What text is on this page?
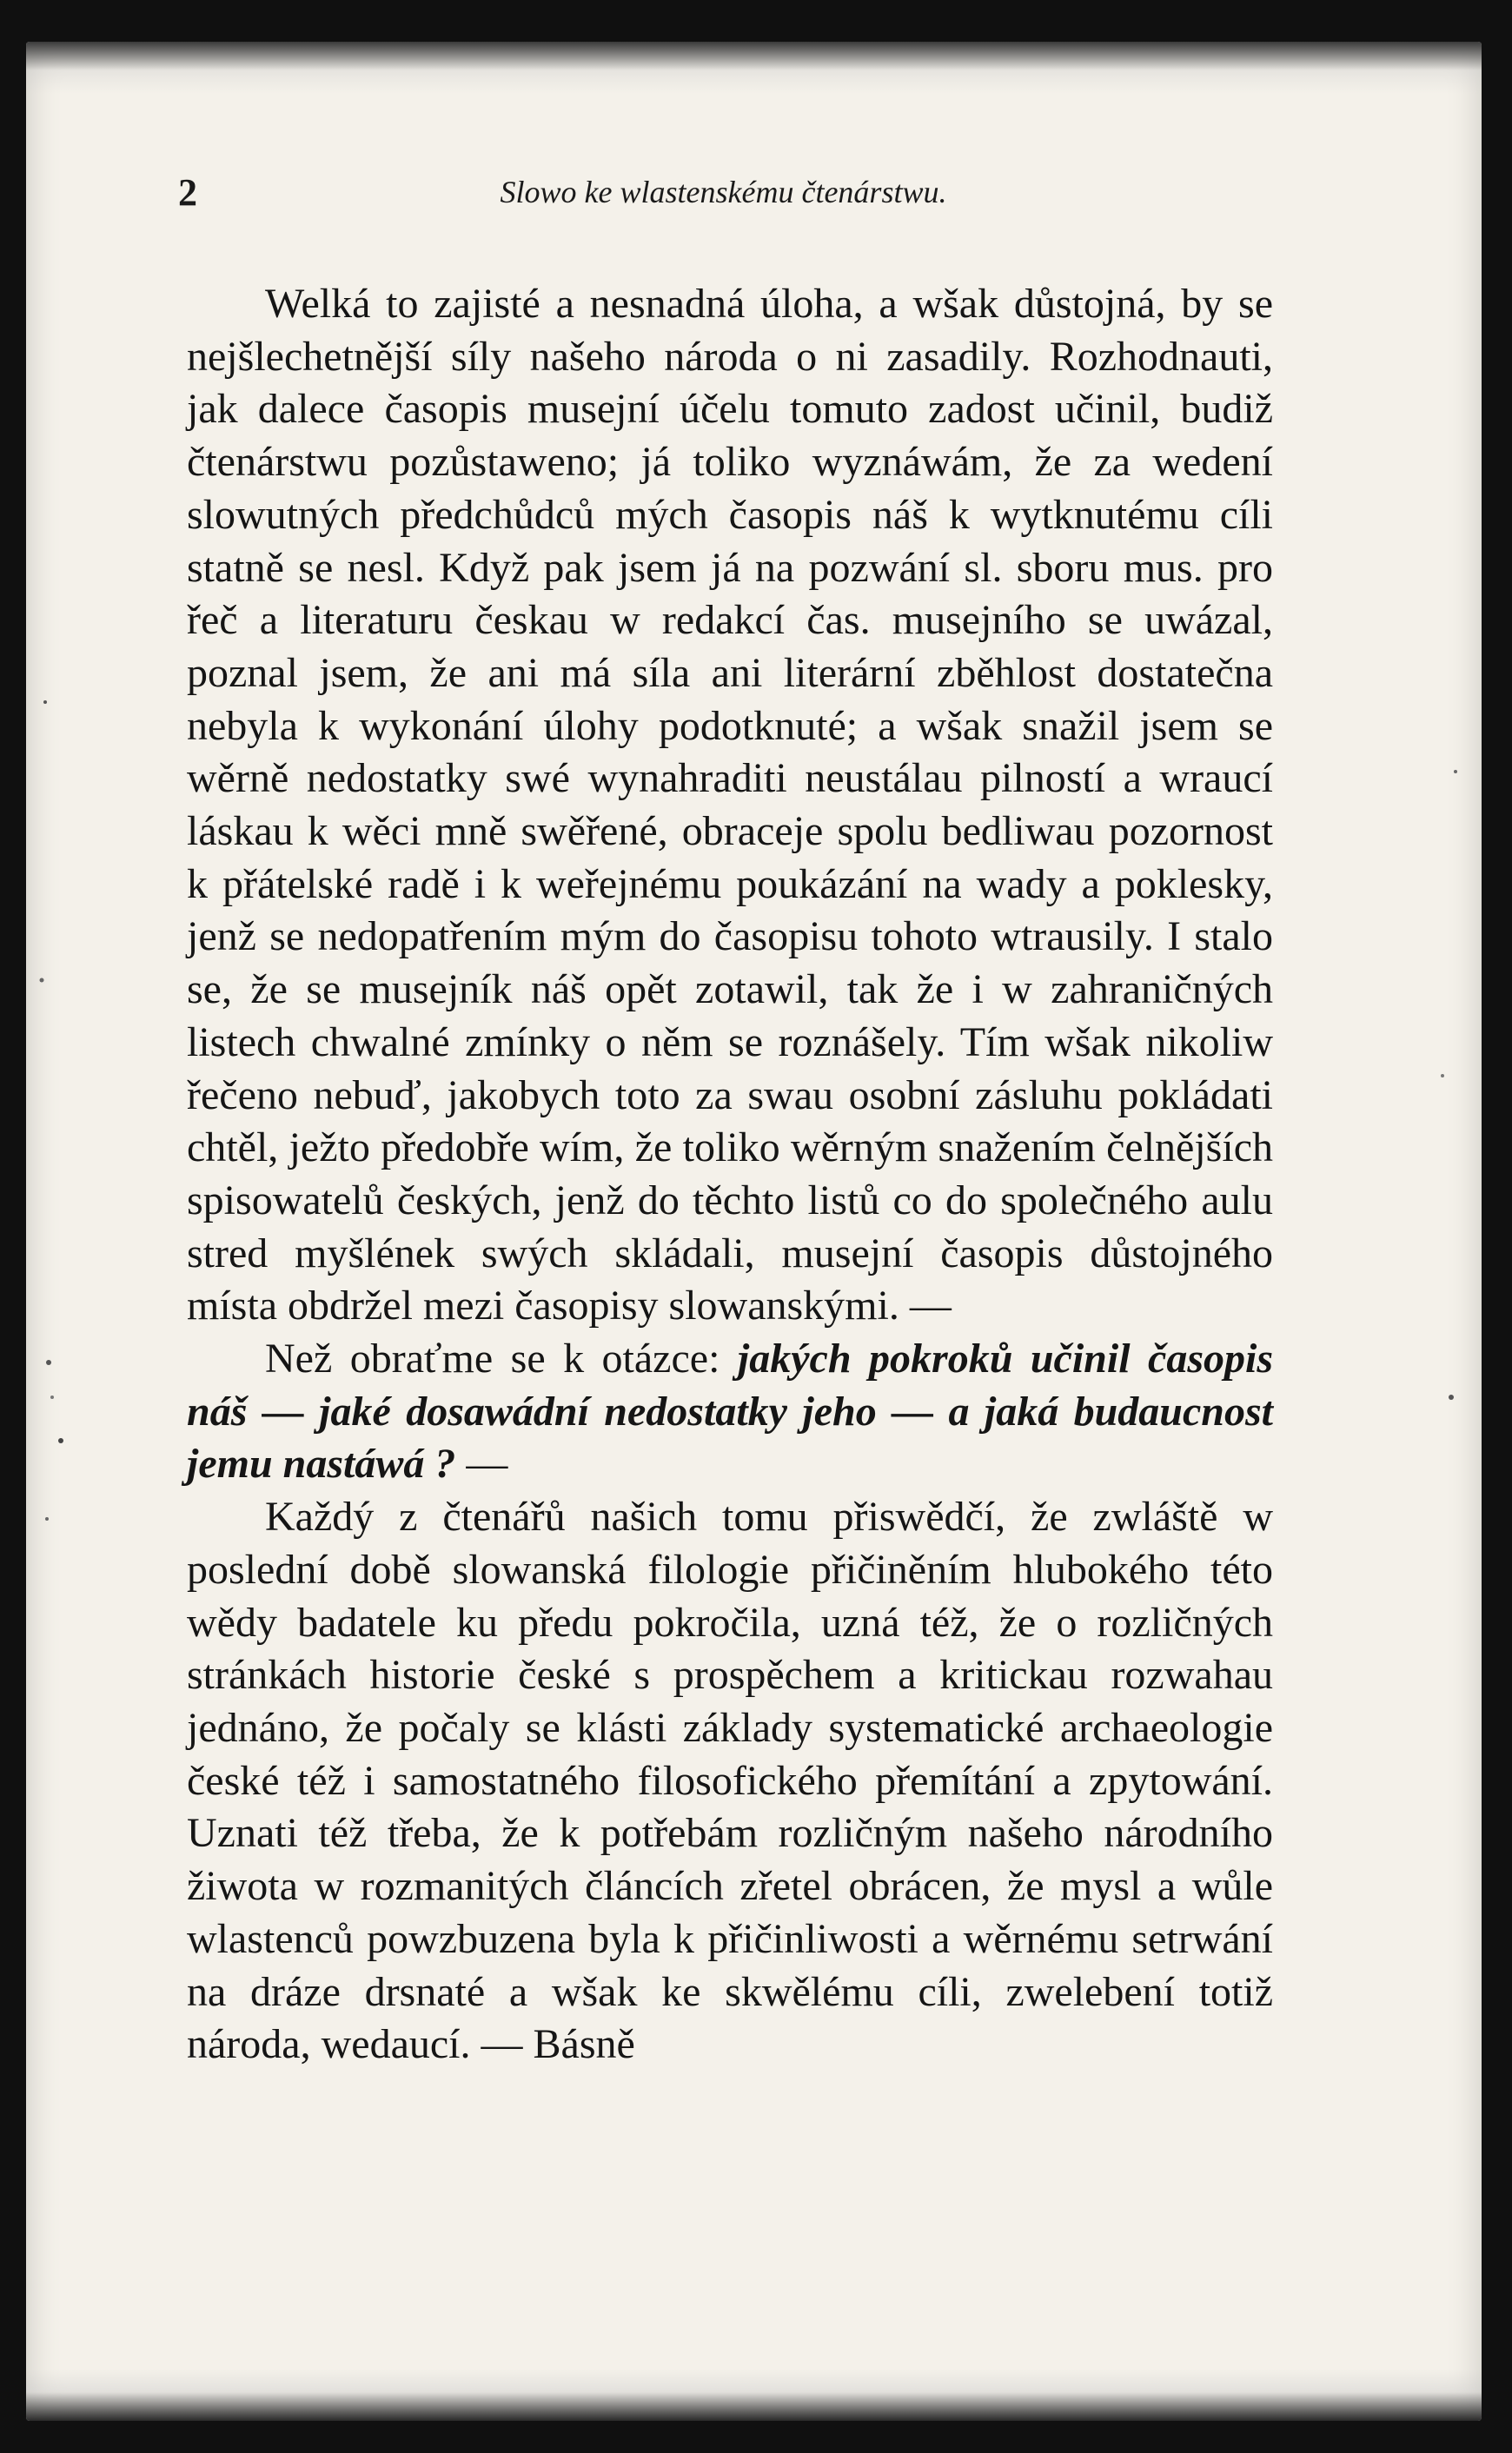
2	Slowo ke wlastenskému čtenárstwu.

Welká to zajisté a nesnadná úloha, a wšak důstojná, by se nejšlechetnější síly našeho národa o ni zasadily. Rozhodnauti, jak dalece časopis musejní účelu tomuto zadost učinil, budiž čtenárstwu pozůstaweno; já toliko wyznáwám, že za wedení slowutných předchůdců mých časopis náš k wytknutému cíli statně se nesl. Když pak jsem já na pozwání sl. sboru mus. pro řeč a literaturu českau w redakcí čas. musejního se uwázal, poznal jsem, že ani má síla ani literární zběhlost dostatečna nebyla k wykonání úlohy podotknuté; a wšak snažil jsem se wěrně nedostatky swé wynahraditi neustálau pilností a wraucí láskau k wěci mně swěřené, obraceje spolu bedliwau pozornost k přátelské radě i k weřejnému poukázání na wady a poklesky, jenž se nedopatřením mým do časopisu tohoto wtrausily. I stalo se, že se musejník náš opět zotawil, tak že i w zahraničných listech chwalné zmínky o něm se roznášely. Tím wšak nikoliw řečeno nebuď, jakobych toto za swau osobní zásluhu pokládati chtěl, ježto předobře wím, že toliko wěrným snažením čelnějších spisowatelů českých, jenž do těchto listů co do společného aulu stred myšlének swých skládali, musejní časopis důstojného místa obdržel mezi časopisy slowanskými. —

Než obraťme se k otázce: jakých pokroků učinil časopis náš — jaké dosawádní nedostatky jeho — a jaká budaucnost jemu nastáwá ? —

Každý z čtenářů našich tomu přiswědčí, že zwláště w poslední době slowanská filologie přičiněním hlubokého této wědy badatele ku předu pokročila, uzná též, že o rozličných stránkách historie české s prospěchem a kritickau rozwahau jednáno, že počaly se klásti základy systematické archaeologie české též i samostatného filosofického přemítání a zpytowání. Uznati též třeba, že k potřebám rozličným našeho národního žiwota w rozmanitých článcích zřetel obrácen, že mysl a wůle wlastenců powzbuzena byla k přičinliwosti a wěrnému setrwání na dráze drsnaté a wšak ke skwělému cíli, zwelebení totiž národa, wedaucí. — Básně
